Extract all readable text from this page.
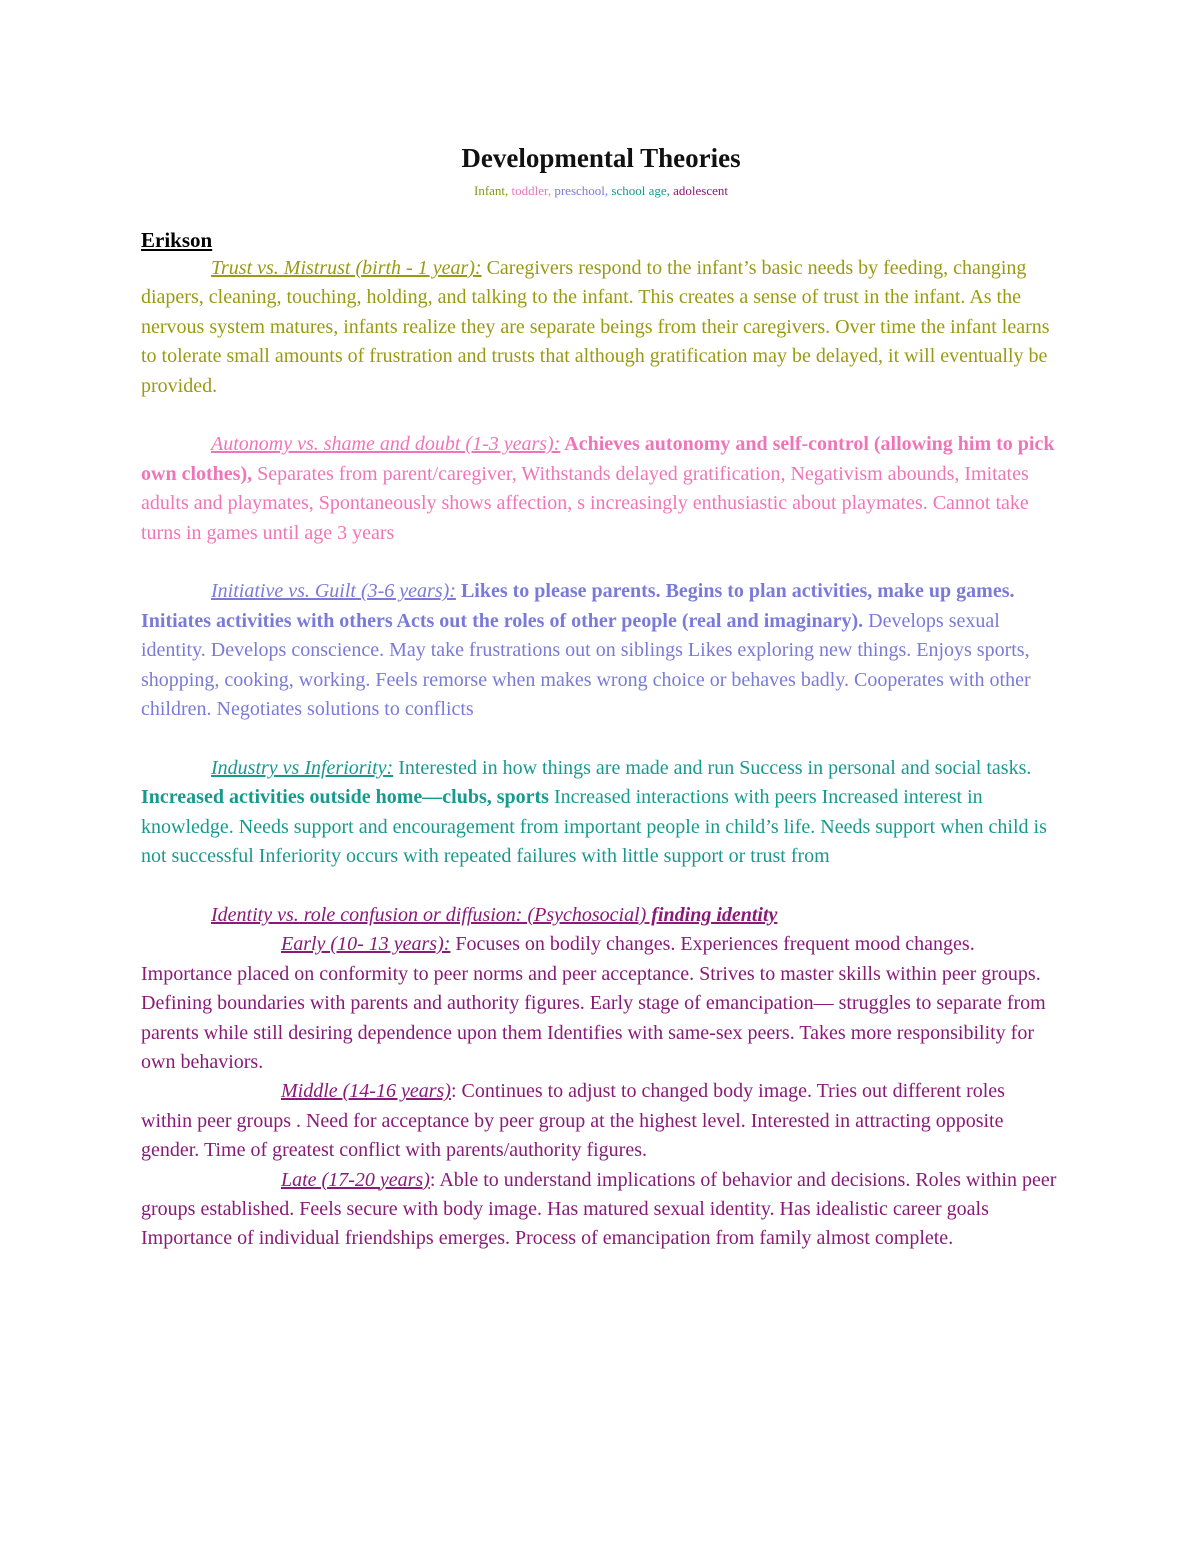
Developmental Theories
Infant, toddler, preschool, school age, adolescent
Erikson

Trust vs. Mistrust (birth - 1 year): Caregivers respond to the infant’s basic needs by feeding, changing diapers, cleaning, touching, holding, and talking to the infant. This creates a sense of trust in the infant. As the nervous system matures, infants realize they are separate beings from their caregivers. Over time the infant learns to tolerate small amounts of frustration and trusts that although gratification may be delayed, it will eventually be provided.

Autonomy vs. shame and doubt (1-3 years): Achieves autonomy and self-control (allowing him to pick own clothes), Separates from parent/caregiver, Withstands delayed gratification, Negativism abounds, Imitates adults and playmates, Spontaneously shows affection, s increasingly enthusiastic about playmates. Cannot take turns in games until age 3 years

Initiative vs. Guilt (3-6 years): Likes to please parents. Begins to plan activities, make up games. Initiates activities with others Acts out the roles of other people (real and imaginary). Develops sexual identity. Develops conscience. May take frustrations out on siblings Likes exploring new things. Enjoys sports, shopping, cooking, working. Feels remorse when makes wrong choice or behaves badly. Cooperates with other children. Negotiates solutions to conflicts

Industry vs Inferiority: Interested in how things are made and run Success in personal and social tasks. Increased activities outside home—clubs, sports Increased interactions with peers Increased interest in knowledge. Needs support and encouragement from important people in child’s life. Needs support when child is not successful Inferiority occurs with repeated failures with little support or trust from

Identity vs. role confusion or diffusion: (Psychosocial) finding identity

Early (10- 13 years): Focuses on bodily changes. Experiences frequent mood changes. Importance placed on conformity to peer norms and peer acceptance. Strives to master skills within peer groups. Defining boundaries with parents and authority figures. Early stage of emancipation— struggles to separate from parents while still desiring dependence upon them Identifies with same-sex peers. Takes more responsibility for own behaviors.

Middle (14-16 years): Continues to adjust to changed body image. Tries out different roles within peer groups . Need for acceptance by peer group at the highest level. Interested in attracting opposite gender. Time of greatest conflict with parents/authority figures.

Late (17-20 years): Able to understand implications of behavior and decisions. Roles within peer groups established. Feels secure with body image. Has matured sexual identity. Has idealistic career goals Importance of individual friendships emerges. Process of emancipation from family almost complete.
